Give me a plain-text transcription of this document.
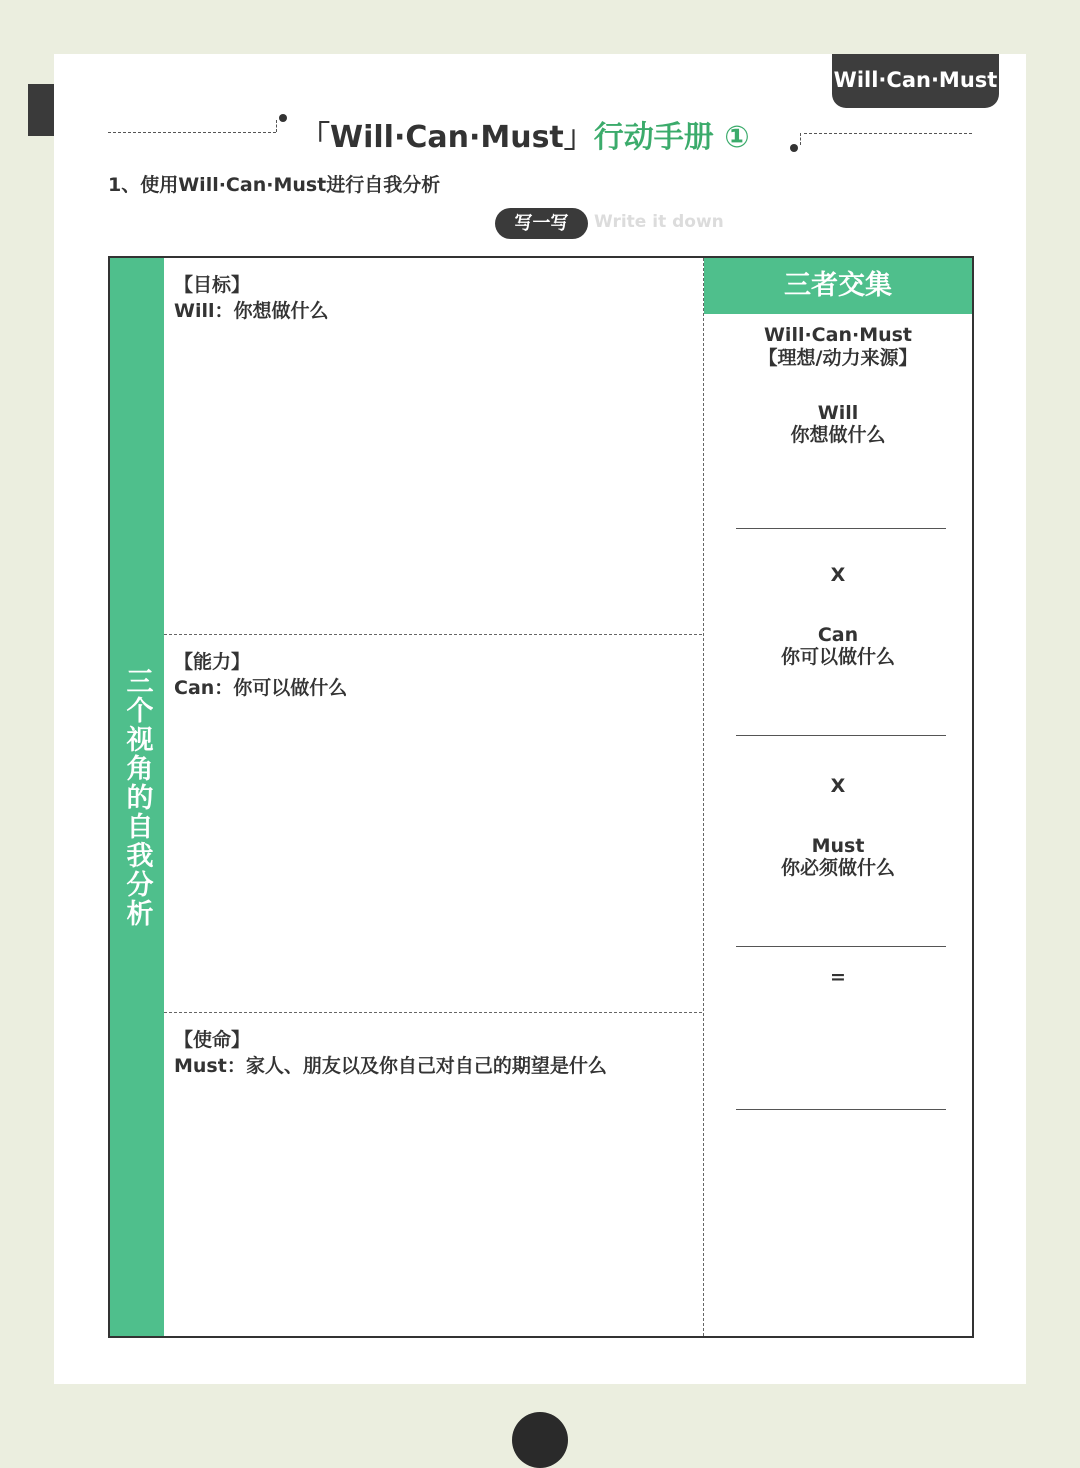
Will·Can·Must
「Will·Can·Must」行动手册 ①
1、使用Will·Can·Must进行自我分析
写一写	Write it down
三个视角的自我分析
【目标】
Will：你想做什么
【能力】
Can：你可以做什么
【使命】
Must：家人、朋友以及你自己对自己的期望是什么
三者交集
Will·Can·Must
【理想/动力来源】
Will
你想做什么
X
Can
你可以做什么
X
Must
你必须做什么
=
